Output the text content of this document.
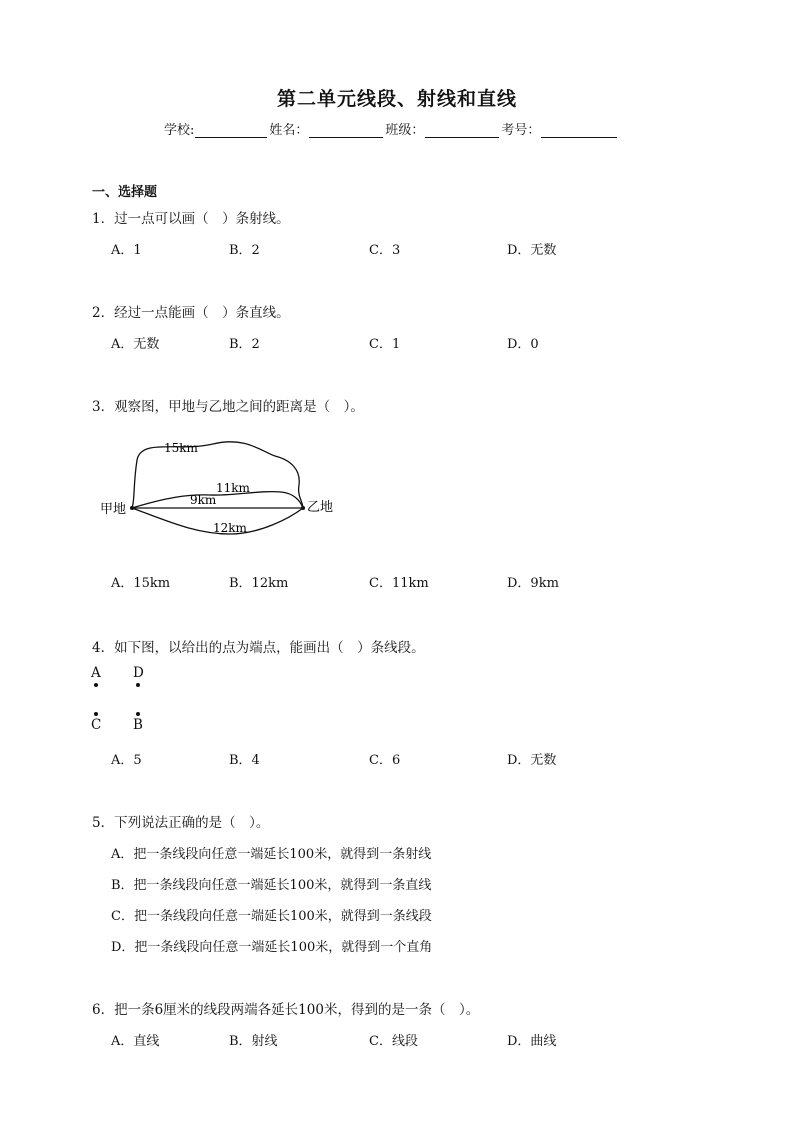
第二单元线段、射线和直线
学校:	姓名：	班级：	考号：
一、选择题
1．过一点可以画（　）条射线。
A．1	B．2	C．3	D．无数
2．经过一点能画（　）条直线。
A．无数	B．2	C．1	D．0
3．观察图，甲地与乙地之间的距离是（　）。
15km
11km
9km
12km
甲地	乙地
A．15km	B．12km	C．11km	D．9km
4．如下图，以给出的点为端点，能画出（　）条线段。
A D
C B
A．5	B．4	C．6	D．无数
5．下列说法正确的是（　）。
A．把一条线段向任意一端延长100米，就得到一条射线
B．把一条线段向任意一端延长100米，就得到一条直线
C．把一条线段向任意一端延长100米，就得到一条线段
D．把一条线段向任意一端延长100米，就得到一个直角
6．把一条6厘米的线段两端各延长100米，得到的是一条（　）。
A．直线	B．射线	C．线段	D．曲线
